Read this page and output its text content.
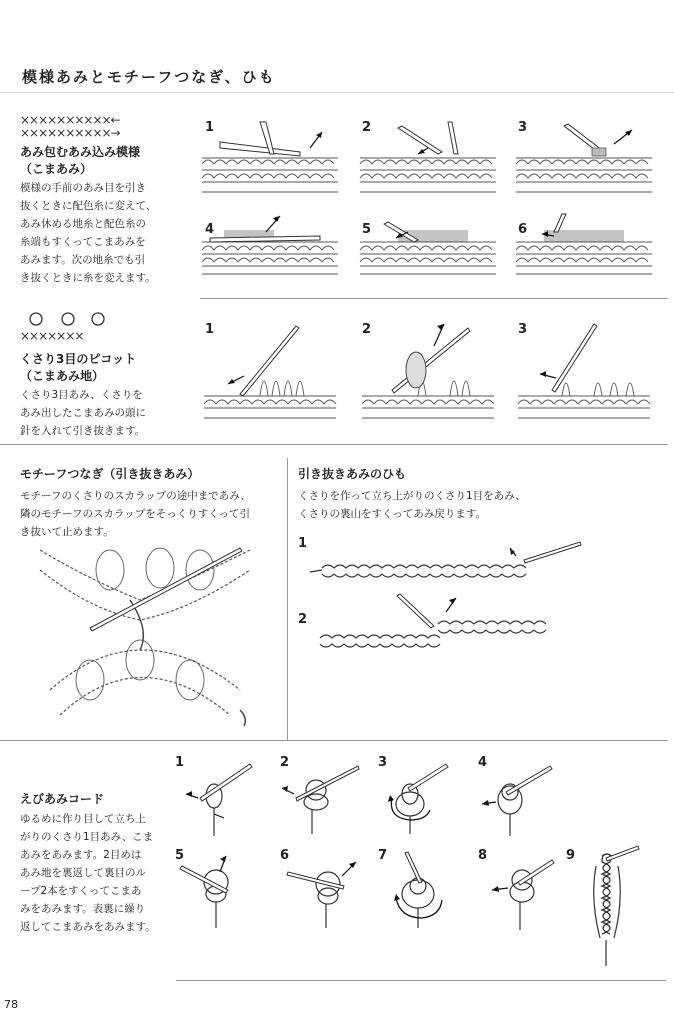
模様あみとモチーフつなぎ、ひも
××××××××××←
××××××××××→
あみ包むあみ込み模様
（こまあみ）
模様の手前のあみ目を引き
抜くときに配色糸に変えて、
あみ休める地糸と配色糸の
糸端もすくってこまあみを
あみます。次の地糸でも引
き抜くときに糸を変えます。
1	2	3
4	5	6
×××××××
くさり3目のピコット
（こまあみ地）
くさり3目あみ、くさりを
あみ出したこまあみの頭に
針を入れて引き抜きます。
1	2	3
モチーフつなぎ（引き抜きあみ）
モチーフのくさりのスカラップの途中まであみ、
隣のモチーフのスカラップをそっくりすくって引
き抜いて止めます。
引き抜きあみのひも
くさりを作って立ち上がりのくさり1目をあみ、
くさりの裏山をすくってあみ戻ります。
1
2
えびあみコード
ゆるめに作り目して立ち上
がりのくさり1目あみ、こま
あみをあみます。2目めは
あみ地を裏返して裏目のル
ープ2本をすくってこまあ
みをあみます。表裏に繰り
返してこまあみをあみます。
1	2	3	4
5	6	7	8	9
78
